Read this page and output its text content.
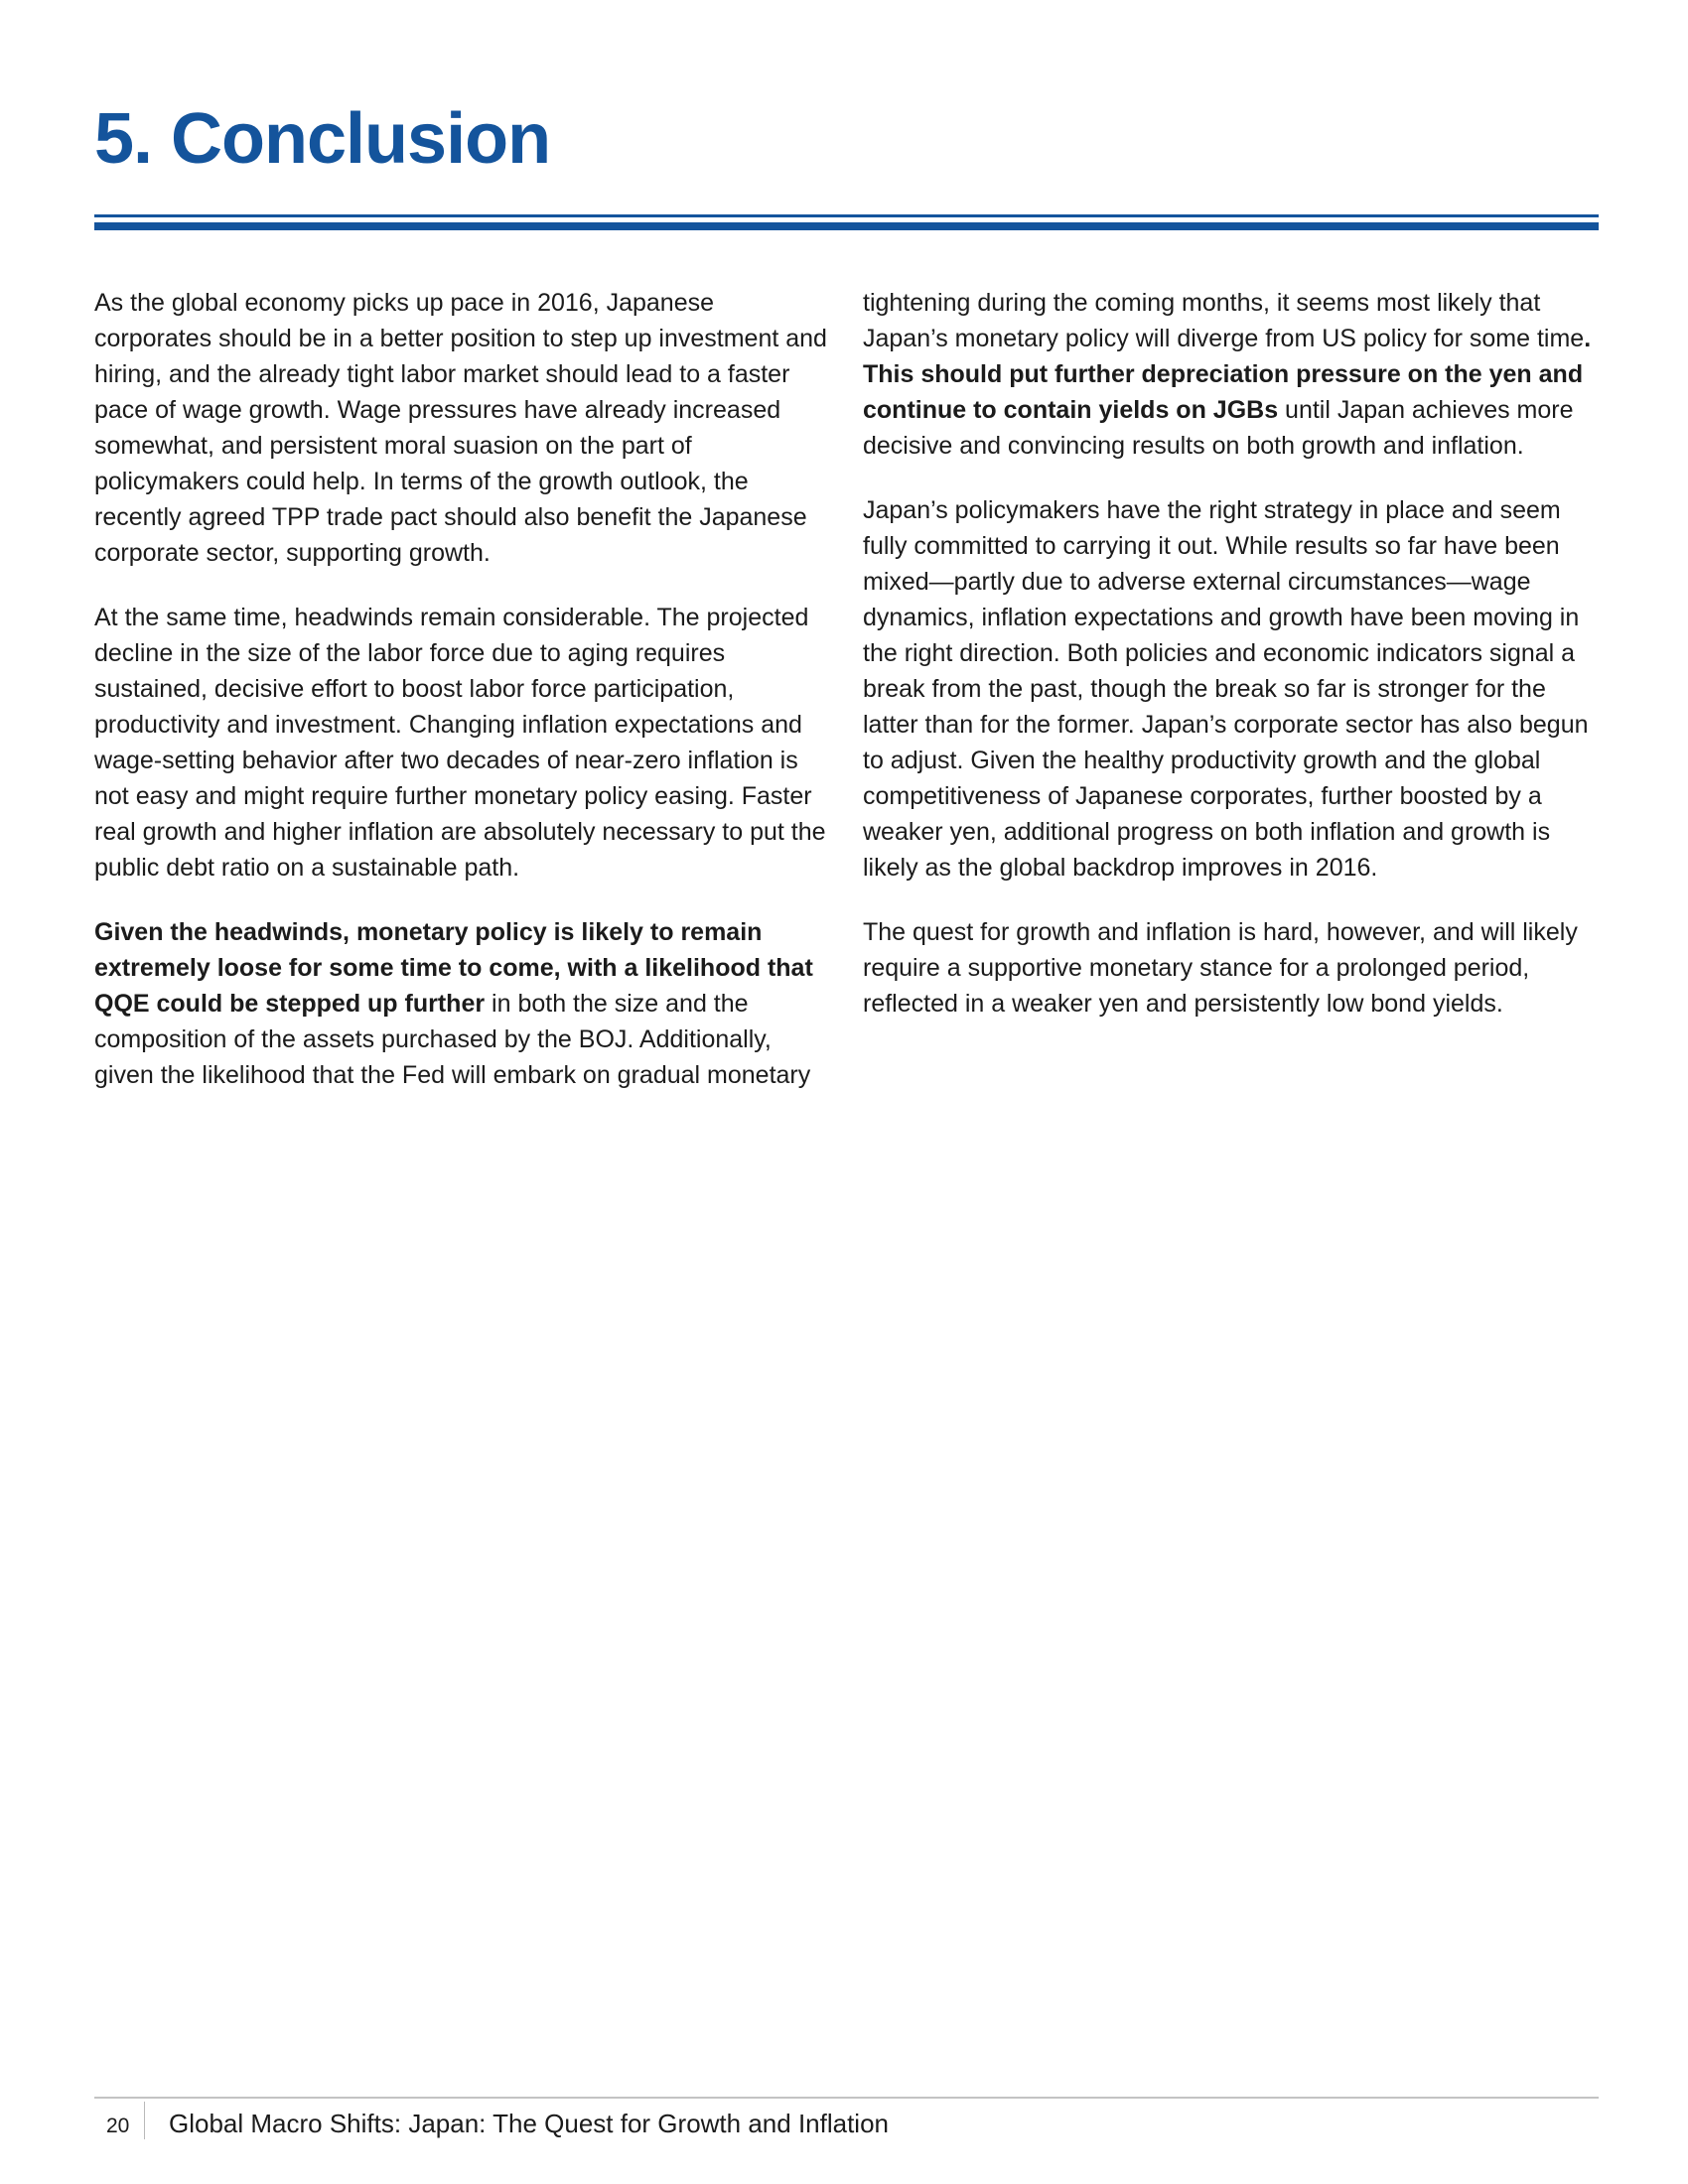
5. Conclusion

As the global economy picks up pace in 2016, Japanese corporates should be in a better position to step up investment and hiring, and the already tight labor market should lead to a faster pace of wage growth. Wage pressures have already increased somewhat, and persistent moral suasion on the part of policymakers could help. In terms of the growth outlook, the recently agreed TPP trade pact should also benefit the Japanese corporate sector, supporting growth.

At the same time, headwinds remain considerable. The projected decline in the size of the labor force due to aging requires sustained, decisive effort to boost labor force participation, productivity and investment. Changing inflation expectations and wage-setting behavior after two decades of near-zero inflation is not easy and might require further monetary policy easing. Faster real growth and higher inflation are absolutely necessary to put the public debt ratio on a sustainable path.

Given the headwinds, monetary policy is likely to remain extremely loose for some time to come, with a likelihood that QQE could be stepped up further in both the size and the composition of the assets purchased by the BOJ. Additionally, given the likelihood that the Fed will embark on gradual monetary

tightening during the coming months, it seems most likely that Japan’s monetary policy will diverge from US policy for some time. This should put further depreciation pressure on the yen and continue to contain yields on JGBs until Japan achieves more decisive and convincing results on both growth and inflation.

Japan’s policymakers have the right strategy in place and seem fully committed to carrying it out. While results so far have been mixed—partly due to adverse external circumstances—wage dynamics, inflation expectations and growth have been moving in the right direction. Both policies and economic indicators signal a break from the past, though the break so far is stronger for the latter than for the former. Japan’s corporate sector has also begun to adjust. Given the healthy productivity growth and the global competitiveness of Japanese corporates, further boosted by a weaker yen, additional progress on both inflation and growth is likely as the global backdrop improves in 2016.

The quest for growth and inflation is hard, however, and will likely require a supportive monetary stance for a prolonged period, reflected in a weaker yen and persistently low bond yields.

20	Global Macro Shifts: Japan: The Quest for Growth and Inflation
